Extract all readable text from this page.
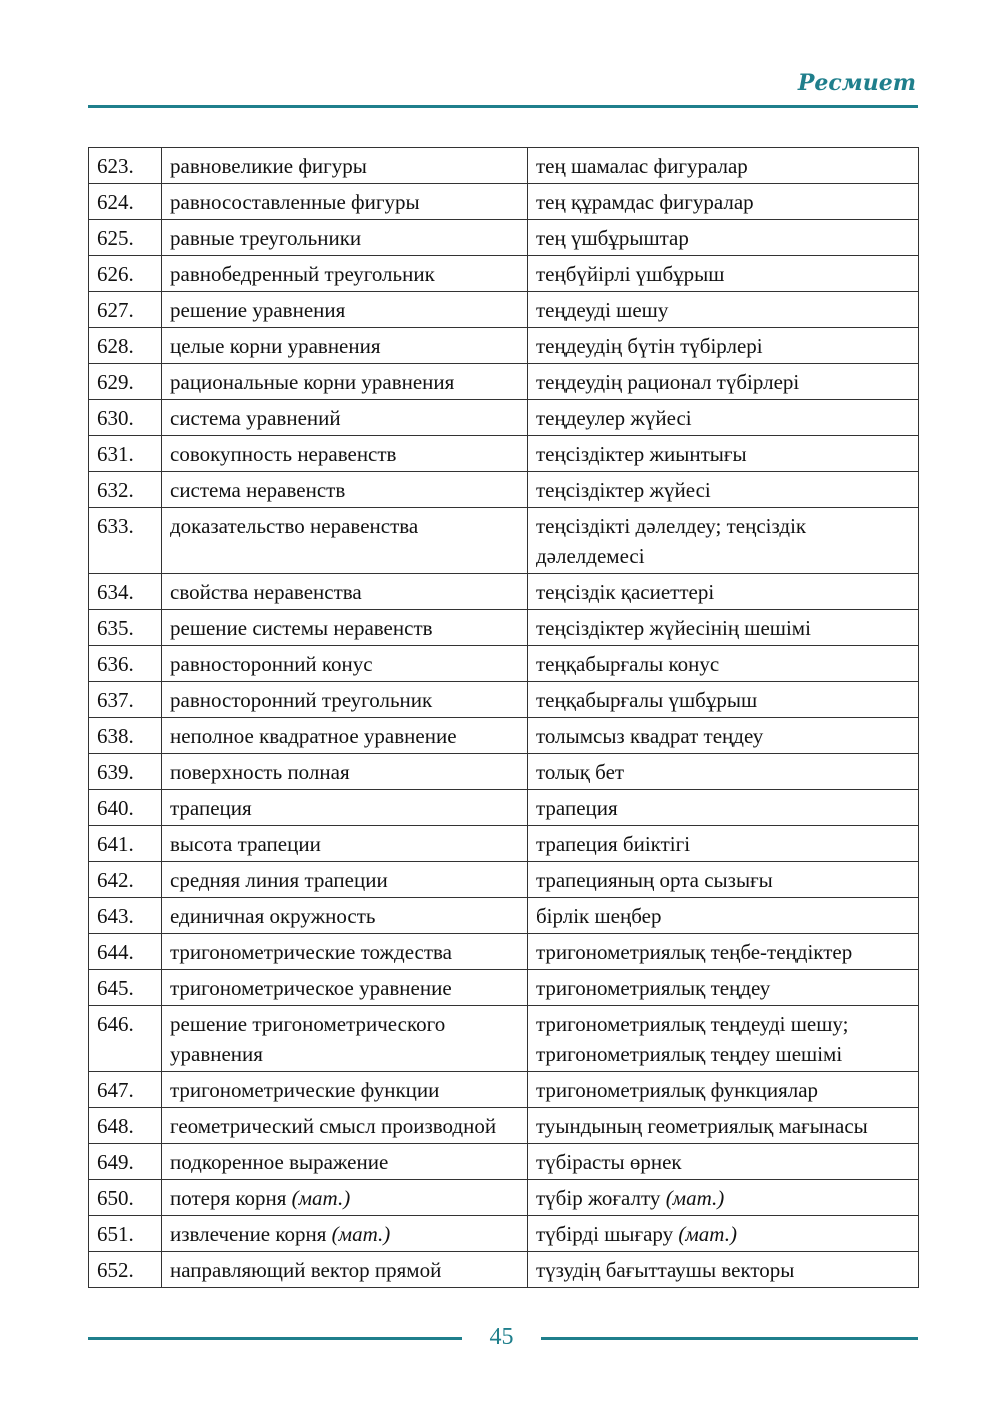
Ресмиет
623.	равновеликие фигуры	тең шамалас фигуралар
624.	равносоставленные фигуры	тең құрамдас фигуралар
625.	равные треугольники	тең үшбұрыштар
626.	равнобедренный треугольник	теңбүйірлі үшбұрыш
627.	решение уравнения	теңдеуді шешу
628.	целые корни уравнения	теңдеудің бүтін түбірлері
629.	рациональные корни уравнения	теңдеудің рационал түбірлері
630.	система уравнений	теңдеулер жүйесі
631.	совокупность неравенств	теңсіздіктер жиынтығы
632.	система неравенств	теңсіздіктер жүйесі
633.	доказательство неравенства	теңсіздікті дәлелдеу; теңсіздік дәлелдемесі
634.	свойства неравенства	теңсіздік қасиеттері
635.	решение системы неравенств	теңсіздіктер жүйесінің шешімі
636.	равносторонний конус	теңқабырғалы конус
637.	равносторонний треугольник	теңқабырғалы үшбұрыш
638.	неполное квадратное уравнение	толымсыз квадрат теңдеу
639.	поверхность полная	толық бет
640.	трапеция	трапеция
641.	высота трапеции	трапеция биіктігі
642.	средняя линия трапеции	трапецияның орта сызығы
643.	единичная окружность	бірлік шеңбер
644.	тригонометрические тождества	тригонометриялық теңбе-теңдіктер
645.	тригонометрическое уравнение	тригонометриялық теңдеу
646.	решение тригонометрического уравнения	тригонометриялық теңдеуді шешу; тригонометриялық теңдеу шешімі
647.	тригонометрические функции	тригонометриялық функциялар
648.	геометрический смысл производной	туындының геометриялық мағынасы
649.	подкоренное выражение	түбірасты өрнек
650.	потеря корня (мат.)	түбір жоғалту (мат.)
651.	извлечение корня (мат.)	түбірді шығару (мат.)
652.	направляющий вектор прямой	түзудің бағыттаушы векторы
45
